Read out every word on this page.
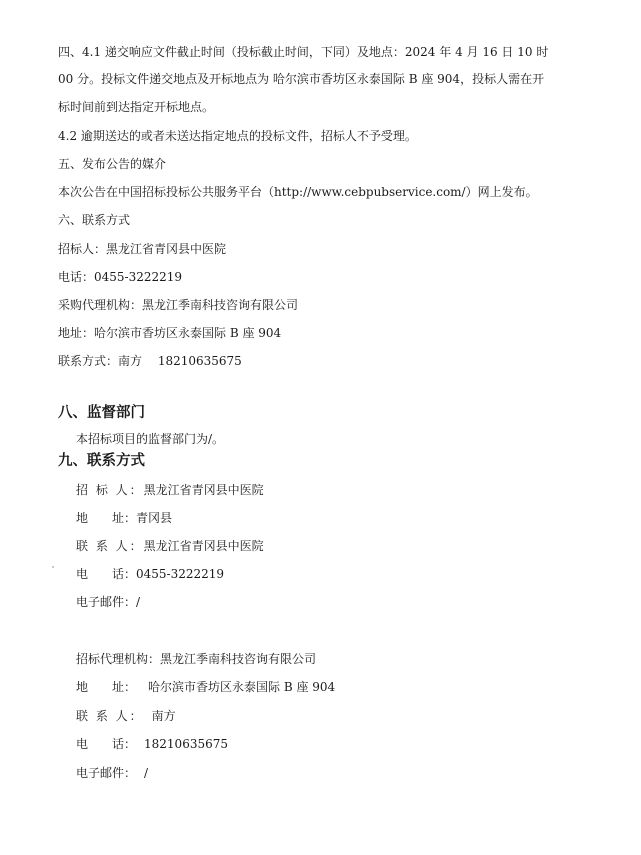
四、4.1 递交响应文件截止时间（投标截止时间，下同）及地点：2024 年 4 月 16 日 10 时
00 分。投标文件递交地点及开标地点为 哈尔滨市香坊区永泰国际 B 座 904，投标人需在开
标时间前到达指定开标地点。
4.2 逾期送达的或者未送达指定地点的投标文件，招标人不予受理。
五、发布公告的媒介
本次公告在中国招标投标公共服务平台（http://www.cebpubservice.com/）网上发布。
六、联系方式
招标人：黑龙江省青冈县中医院
电话：0455-3222219
采购代理机构：黑龙江季南科技咨询有限公司
地址：哈尔滨市香坊区永泰国际 B 座 904
联系方式：南方　 18210635675
八、监督部门
本招标项目的监督部门为/。
九、联系方式
招 标 人：黑龙江省青冈县中医院
地　　址：青冈县
联 系 人：黑龙江省青冈县中医院
电　　话：0455-3222219
电子邮件：/
招标代理机构：黑龙江季南科技咨询有限公司
地　　址： 哈尔滨市香坊区永泰国际 B 座 904
联 系 人： 南方
电　　话： 18210635675
电子邮件： /
